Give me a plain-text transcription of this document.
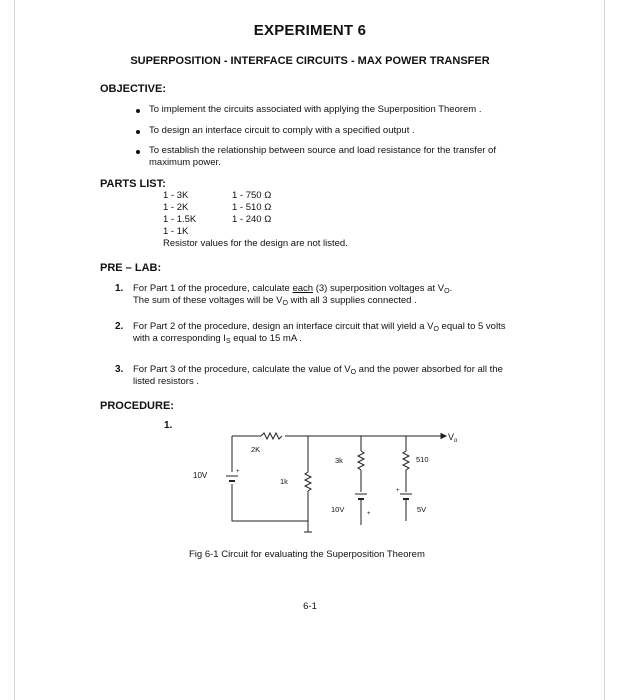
EXPERIMENT 6
SUPERPOSITION - INTERFACE CIRCUITS - MAX POWER TRANSFER
OBJECTIVE:
To implement the circuits associated with applying the Superposition Theorem .
To design an interface circuit to comply with a specified output .
To establish the relationship between source and load resistance for the transfer of
maximum power.
PARTS LIST:
1 - 3K
1 - 2K
1 - 1.5K
1 - 1K
1 - 750 Ω
1 - 510 Ω
1 - 240 Ω
Resistor values for the design are not listed.
PRE – LAB:
1. For Part 1 of the procedure, calculate each (3) superposition voltages at $V_O$.
The sum of these voltages will be $V_O$ with all 3 supplies connected .
2. For Part 2 of the procedure, design an interface circuit that will yield a $V_O$ equal to 5 volts
with a corresponding $I_S$ equal to 15 mA .
3. For Part 3 of the procedure, calculate the value of $V_O$ and the power absorbed for all the
listed resistors .
PROCEDURE:
1.
2K
1k
3k	510
10V
10V	5V
V o
+
+
+
Fig 6-1 Circuit for evaluating the Superposition Theorem
6-1
